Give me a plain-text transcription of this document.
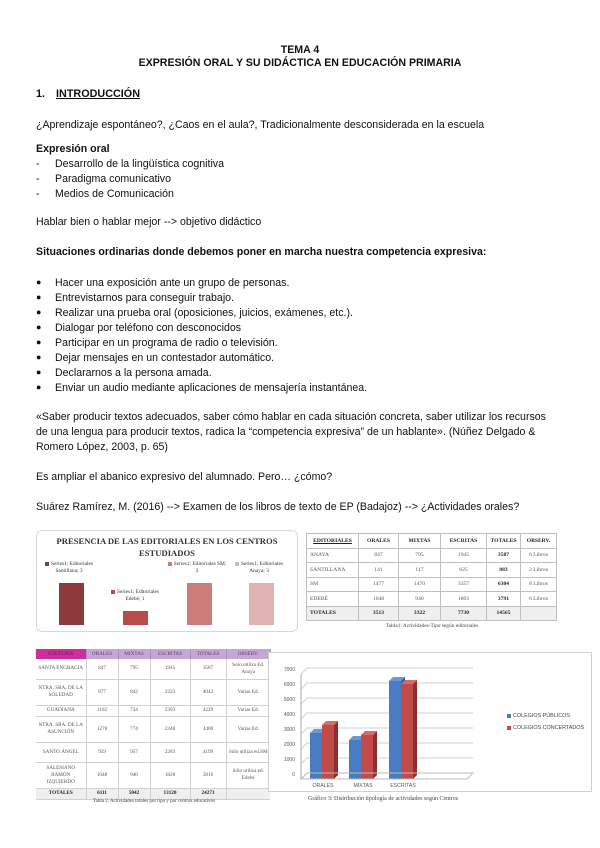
TEMA 4
EXPRESIÓN ORAL Y SU DIDÁCTICA EN EDUCACIÓN PRIMARIA
1. INTRODUCCIÓN
¿Aprendizaje espontáneo?, ¿Caos en el aula?, Tradicionalmente desconsiderada en la escuela
Expresión oral
- Desarrollo de la lingüística cognitiva
- Paradigma comunicativo
- Medios de Comunicación
Hablar bien o hablar mejor --> objetivo didáctico
Situaciones ordinarias donde debemos poner en marcha nuestra competencia expresiva:
● Hacer una exposición ante un grupo de personas.
● Entrevistarnos para conseguir trabajo.
● Realizar una prueba oral (oposiciones, juicios, exámenes, etc.).
● Dialogar por teléfono con desconocidos
● Participar en un programa de radio o televisión.
● Dejar mensajes en un contestador automático.
● Declararnos a la persona amada.
● Enviar un audio mediante aplicaciones de mensajería instantánea.
«Saber producir textos adecuados, saber cómo hablar en cada situación concreta, saber utilizar los recursos
de una lengua para producir textos, radica la “competencia expresiva” de un hablante». (Núñez Delgado &
Romero López, 2003, p. 65)
Es ampliar el abanico expresivo del alumnado. Pero… ¿cómo?
Suárez Ramírez, M. (2016) --> Examen de los libros de texto de EP (Badajoz) --> ¿Actividades orales?
PRESENCIA DE LAS EDITORIALES EN LOS CENTROS
ESTUDIADOS
Series1; Editoriales Santillana; 3
Series1; Editoriales Edebé; 1
Series1; Editoriales SM; 3
Series1; Editoriales Anaya; 3
EDITORIALES	ORALES	MIXTAS	ESCRITAS	TOTALES	OBSERV.
ANAYA	847	795	1945	3587	6 Libros
SANTILLANA	141	117	625	883	2 Libros
SM	1477	1470	3357	6304	8 Libros
EDEBÉ	1048	940	1803	3791	6 Libros
TOTALES	3513	3322	7730	14565	
Tabla1: Actividades-Tipo según editoriales
COLEGIOS	ORALES	MIXTAS	ESCRITAS	TOTALES	OBSERV.
SANTA ENGRACIA	847	795	1945	3587	Solo utiliza Ed. Anaya
NTRA. SRA. DE LA SOLEDAD	877	842	2323	4042	Varias Ed.
GUADIANA	1102	734	2393	4229	Varias Ed.
NTRA. SRA. DE LA ASUNCIÓN	1278	774	2348	4400	Varias Ed.
SANTO ÁNGEL	959	957	2283	4199	Sólo utiliza ed.SM
SALESIANO RAMÓN IZQUIERDO	1048	940	1828	3816	Sólo utiliza ed. Edebé
TOTALES	6111	5042	13120	24273	
Tabla 2. Actividades totales por tipo y por centros educativos
0
1000
2000
3000
4000
5000
6000
7000
ORALES	MIXTAS	ESCRITAS
COLEGIOS PÚBLICOS
COLEGIOS CONCERTADOS
Gráfico 3: Distribución tipología de actividades según Centros
